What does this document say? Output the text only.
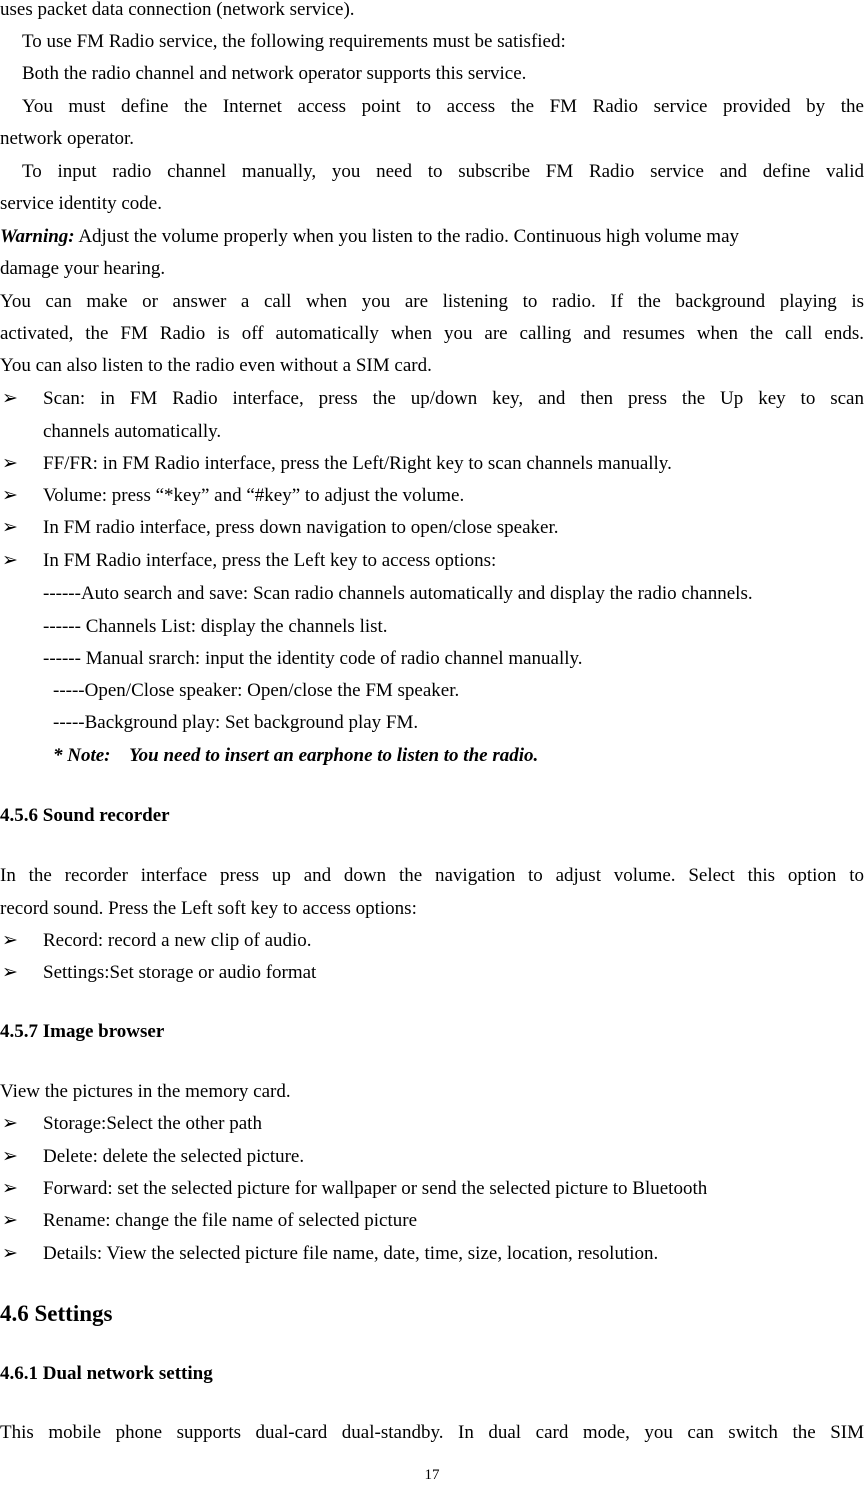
uses packet data connection (network service).
To use FM Radio service, the following requirements must be satisfied:
Both the radio channel and network operator supports this service.
You must define the Internet access point to access the FM Radio service provided by the
network operator.
To input radio channel manually, you need to subscribe FM Radio service and define valid
service identity code.
Warning: Adjust the volume properly when you listen to the radio. Continuous high volume may
damage your hearing.
You can make or answer a call when you are listening to radio. If the background playing is
activated, the FM Radio is off automatically when you are calling and resumes when the call ends.
You can also listen to the radio even without a SIM card.
➢ Scan: in FM Radio interface, press the up/down key, and then press the Up key to scan
channels automatically.
➢ FF/FR: in FM Radio interface, press the Left/Right key to scan channels manually.
➢ Volume: press “*key” and “#key” to adjust the volume.
➢ In FM radio interface, press down navigation to open/close speaker.
➢ In FM Radio interface, press the Left key to access options:
------Auto search and save: Scan radio channels automatically and display the radio channels.
------ Channels List: display the channels list.
------ Manual srarch: input the identity code of radio channel manually.
-----Open/Close speaker: Open/close the FM speaker.
-----Background play: Set background play FM.
* Note:    You need to insert an earphone to listen to the radio.
4.5.6 Sound recorder
In the recorder interface press up and down the navigation to adjust volume. Select this option to
record sound. Press the Left soft key to access options:
➢ Record: record a new clip of audio.
➢ Settings:Set storage or audio format
4.5.7 Image browser
View the pictures in the memory card.
➢ Storage:Select the other path
➢ Delete: delete the selected picture.
➢ Forward: set the selected picture for wallpaper or send the selected picture to Bluetooth
➢ Rename: change the file name of selected picture
➢ Details: View the selected picture file name, date, time, size, location, resolution.
4.6 Settings
4.6.1 Dual network setting
This mobile phone supports dual-card dual-standby. In dual card mode, you can switch the SIM
17
